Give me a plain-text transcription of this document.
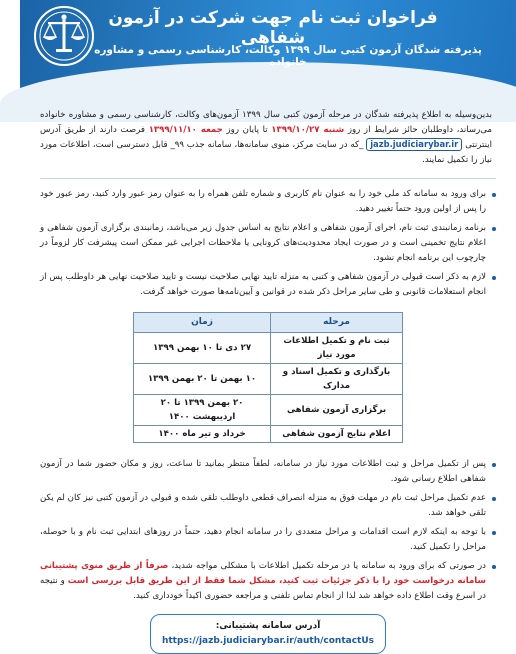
فراخوان ثبت نام جهت شرکت در آزمون شفاهی
پذیرفته شدگان آزمون کتبی سال ۱۳۹۹ وکالت، کارشناسی رسمی و مشاوره خانواده

بدین‌وسیله به اطلاع پذیرفته شدگان در مرحله آزمون کتبی سال ۱۳۹۹ آزمون‌های وکالت، کارشناسی رسمی و مشاوره خانواده می‌رساند، داوطلبان حائز شرایط از روز شنبه ۱۳۹۹/۱۰/۲۷ تا پایان روز جمعه ۱۳۹۹/۱۱/۱۰ فرصت دارند از طریق آدرس اینترنتی jazb.judiciarybar.ir _که در سایت مرکز، منوی سامانه‌ها، سامانه جذب ۹۹_ قابل دسترسی است، اطلاعات مورد نیاز را تکمیل نمایند.

برای ورود به سامانه کد ملی خود را به عنوان نام کاربری و شماره تلفن همراه را به عنوان رمز عبور وارد کنید، رمز عبور خود را پس از اولین ورود حتماً تغییر دهید.
برنامه زمانبندی ثبت نام، اجرای آزمون شفاهی و اعلام نتایج به اساس جدول زیر می‌باشد، زمانبندی برگزاری آزمون شفاهی و اعلام نتایج تخمینی است و در صورت ایجاد محدودیت‌های کرونایی یا ملاحظات اجرایی غیر ممکن است پیشرفت کار لزوماً در چارچوب این برنامه انجام نشود.
لازم به ذکر است قبولی در آزمون شفاهی و کتبی به منزله تایید نهایی صلاحیت نیست و تایید صلاحیت نهایی هر داوطلب پس از انجام استعلامات قانونی و طی سایر مراحل ذکر شده در قوانین و آیین‌نامه‌ها صورت خواهد گرفت.
مرحله	زمان
ثبت نام و تکمیل اطلاعات مورد نیاز	۲۷ دی تا ۱۰ بهمن ۱۳۹۹
بارگذاری و تکمیل اسناد و مدارک	۱۰ بهمن تا ۲۰ بهمن ۱۳۹۹
برگزاری آزمون شفاهی	۲۰ بهمن ۱۳۹۹ تا ۲۰ اردیبهشت ۱۴۰۰
اعلام نتایج آزمون شفاهی	خرداد و تیر ماه ۱۴۰۰
پس از تکمیل مراحل و ثبت اطلاعات مورد نیاز در سامانه، لطفاً منتظر بمانید تا ساعت، روز و مکان حضور شما در آزمون شفاهی اطلاع رسانی شود.
عدم تکمیل مراحل ثبت نام در مهلت فوق به منزله انصراف قطعی داوطلب تلقی شده و قبولی در آزمون کتبی نیز کان لم یکن تلقی خواهد شد.
با توجه به اینکه لازم است اقدامات و مراحل متعددی را در سامانه انجام دهید، حتماً در روزهای ابتدایی ثبت نام و با حوصله، مراحل را تکمیل کنید.
در صورتی که برای ورود به سامانه یا در مرحله تکمیل اطلاعات با مشکلی مواجه شدید، صرفاً از طریق منوی پشتیبانی سامانه درخواست خود را با ذکر جزئیات ثبت کنید، مشکل شما فقط از این طریق قابل بررسی است و نتیجه در اسرع وقت اطلاع داده خواهد شد لذا از انجام تماس تلفنی و مراجعه حضوری اکیداً خودداری کنید.
آدرس سامانه پشتیبانی:
https://jazb.judiciarybar.ir/auth/contactUs
